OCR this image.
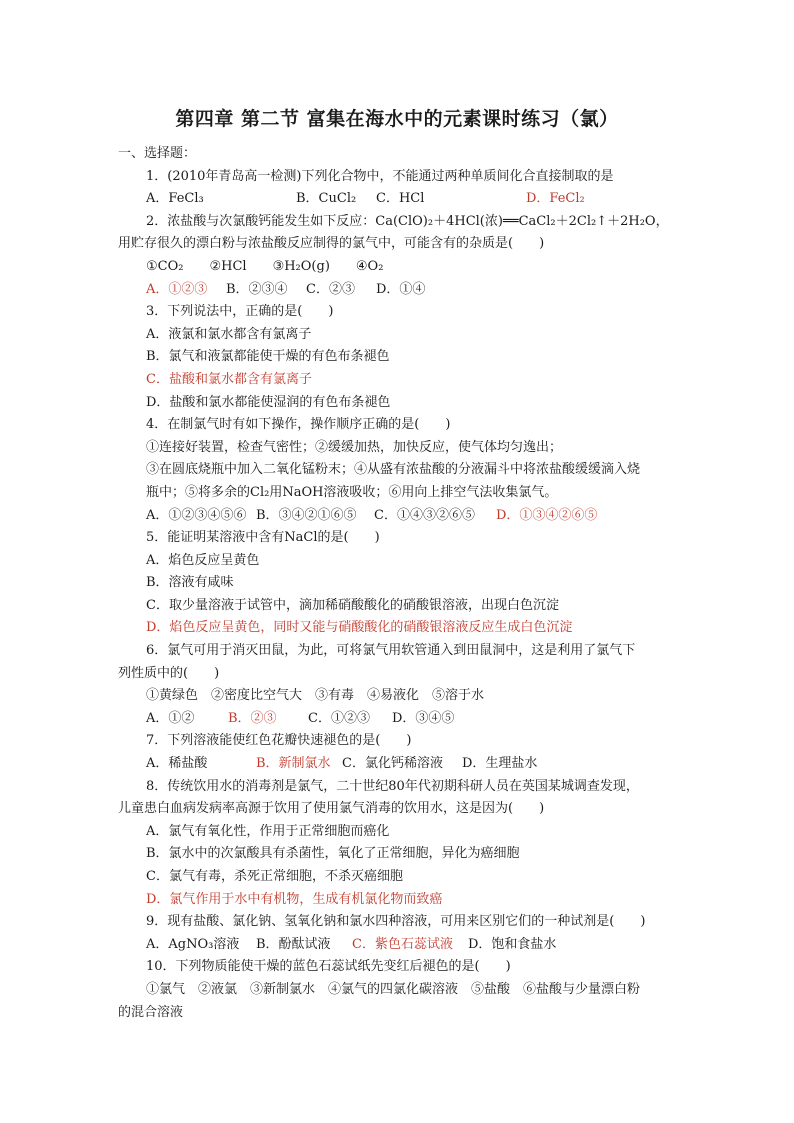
第四章 第二节 富集在海水中的元素课时练习（氯）
一、选择题：
1．(2010年青岛高一检测)下列化合物中，不能通过两种单质间化合直接制取的是
A．FeCl₃	B．CuCl₂ C．HCl	D．FeCl₂
2．浓盐酸与次氯酸钙能发生如下反应：Ca(ClO)₂＋4HCl(浓)══CaCl₂＋2Cl₂↑＋2H₂O，
用贮存很久的漂白粉与浓盐酸反应制得的氯气中，可能含有的杂质是(　　)
①CO₂　　②HCl　　③H₂O(g)　　④O₂
A．①②③ B．②③④ C．②③ D．①④
3．下列说法中，正确的是(　　)
A．液氯和氯水都含有氯离子
B．氯气和液氯都能使干燥的有色布条褪色
C．盐酸和氯水都含有氯离子
D．盐酸和氯水都能使湿润的有色布条褪色
4．在制氯气时有如下操作，操作顺序正确的是(　　)
①连接好装置，检查气密性；②缓缓加热，加快反应，使气体均匀逸出；
③在圆底烧瓶中加入二氧化锰粉末；④从盛有浓盐酸的分液漏斗中将浓盐酸缓缓滴入烧
瓶中；⑤将多余的Cl₂用NaOH溶液吸收；⑥用向上排空气法收集氯气。
A．①②③④⑤⑥ B．③④②①⑥⑤ C．①④③②⑥⑤ D．①③④②⑥⑤
5．能证明某溶液中含有NaCl的是(　　)
A．焰色反应呈黄色
B．溶液有咸味
C．取少量溶液于试管中，滴加稀硝酸酸化的硝酸银溶液，出现白色沉淀
D．焰色反应呈黄色，同时又能与硝酸酸化的硝酸银溶液反应生成白色沉淀
6．氯气可用于消灭田鼠，为此，可将氯气用软管通入到田鼠洞中，这是利用了氯气下
列性质中的(　　)
①黄绿色　②密度比空气大　③有毒　④易液化　⑤溶于水
A．①②	B．②③ C．①②③ D．③④⑤
7．下列溶液能使红色花瓣快速褪色的是(　　)
A．稀盐酸	B．新制氯水 C．氯化钙稀溶液 D．生理盐水
8．传统饮用水的消毒剂是氯气，二十世纪80年代初期科研人员在英国某城调查发现，
儿童患白血病发病率高源于饮用了使用氯气消毒的饮用水，这是因为(　　)
A．氯气有氧化性，作用于正常细胞而癌化
B．氯水中的次氯酸具有杀菌性，氧化了正常细胞，异化为癌细胞
C．氯气有毒，杀死正常细胞，不杀灭癌细胞
D．氯气作用于水中有机物，生成有机氯化物而致癌
9．现有盐酸、氯化钠、氢氧化钠和氯水四种溶液，可用来区别它们的一种试剂是(　　)
A．AgNO₃溶液 B．酚酞试液 C．紫色石蕊试液 D．饱和食盐水
10．下列物质能使干燥的蓝色石蕊试纸先变红后褪色的是(　　)
①氯气　②液氯　③新制氯水　④氯气的四氯化碳溶液　⑤盐酸　⑥盐酸与少量漂白粉
的混合溶液
